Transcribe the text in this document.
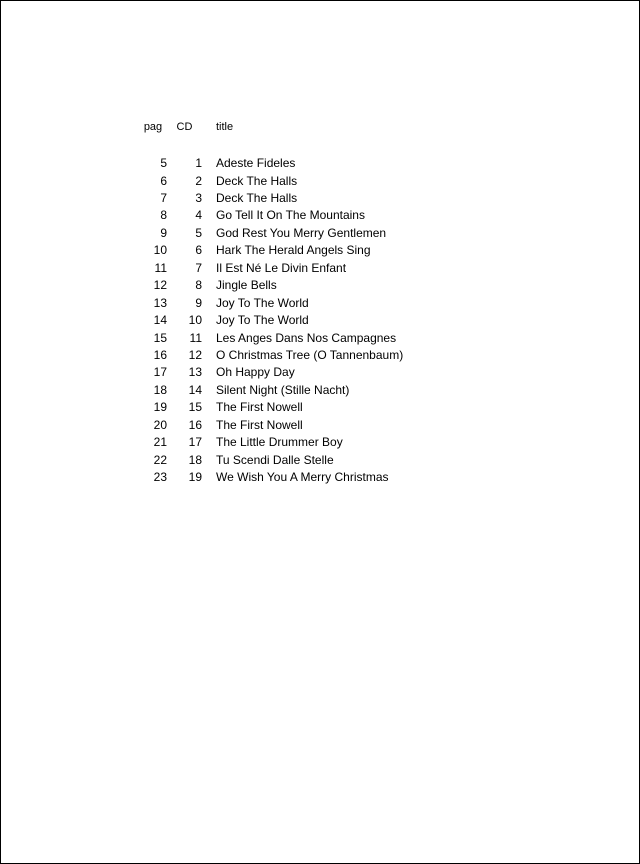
pag	CD	title

5	1	Adeste Fideles
6	2	Deck The Halls
7	3	Deck The Halls
8	4	Go Tell It On The Mountains
9	5	God Rest You Merry Gentlemen
10	6	Hark The Herald Angels Sing
11	7	Il Est Né Le Divin Enfant
12	8	Jingle Bells
13	9	Joy To The World
14	10	Joy To The World
15	11	Les Anges Dans Nos Campagnes
16	12	O Christmas Tree (O Tannenbaum)
17	13	Oh Happy Day
18	14	Silent Night (Stille Nacht)
19	15	The First Nowell
20	16	The First Nowell
21	17	The Little Drummer Boy
22	18	Tu Scendi Dalle Stelle
23	19	We Wish You A Merry Christmas
